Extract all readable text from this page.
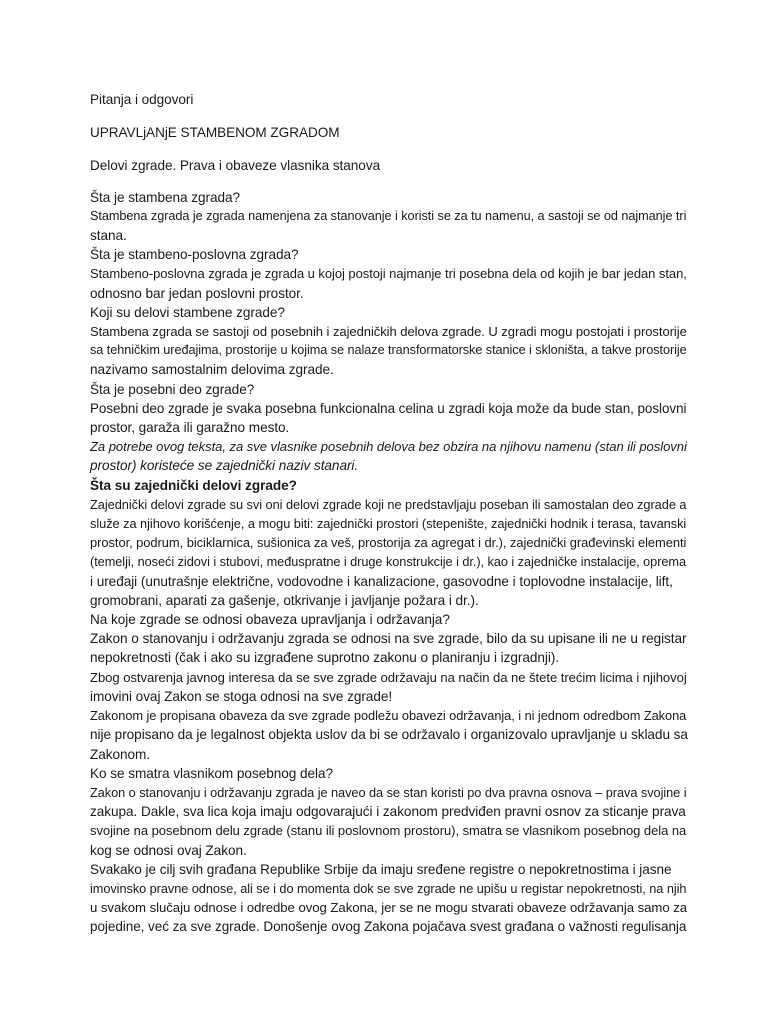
Pitanja i odgovori
UPRAVLjANjE STAMBENOM ZGRADOM
Delovi zgrade. Prava i obaveze vlasnika stanova
Šta je stambena zgrada?
Stambena zgrada je zgrada namenjena za stanovanje i koristi se za tu namenu, a sastoji se od najmanje tri
stana.
Šta je stambeno-poslovna zgrada?
Stambeno-poslovna zgrada je zgrada u kojoj postoji najmanje tri posebna dela od kojih je bar jedan stan,
odnosno bar jedan poslovni prostor.
Koji su delovi stambene zgrade?
Stambena zgrada se sastoji od posebnih i zajedničkih delova zgrade. U zgradi mogu postojati i prostorije
sa tehničkim uređajima, prostorije u kojima se nalaze transformatorske stanice i skloništa, a takve prostorije
nazivamo samostalnim delovima zgrade.
Šta je posebni deo zgrade?
Posebni deo zgrade je svaka posebna funkcionalna celina u zgradi koja može da bude stan, poslovni
prostor, garaža ili garažno mesto.
Za potrebe ovog teksta, za sve vlasnike posebnih delova bez obzira na njihovu namenu (stan ili poslovni
prostor) koristeće se zajednički naziv stanari.
Šta su zajednički delovi zgrade?
Zajednički delovi zgrade su svi oni delovi zgrade koji ne predstavljaju poseban ili samostalan deo zgrade a
služe za njihovo korišćenje, a mogu biti: zajednički prostori (stepenište, zajednički hodnik i terasa, tavanski
prostor, podrum, biciklarnica, sušionica za veš, prostorija za agregat i dr.), zajednički građevinski elementi
(temelji, noseći zidovi i stubovi, međuspratne i druge konstrukcije i dr.), kao i zajedničke instalacije, oprema
i uređaji (unutrašnje električne, vodovodne i kanalizacione, gasovodne i toplovodne instalacije, lift,
gromobrani, aparati za gašenje, otkrivanje i javljanje požara i dr.).
Na koje zgrade se odnosi obaveza upravljanja i održavanja?
Zakon o stanovanju i održavanju zgrada se odnosi na sve zgrade, bilo da su upisane ili ne u registar
nepokretnosti (čak i ako su izgrađene suprotno zakonu o planiranju i izgradnji).
Zbog ostvarenja javnog interesa da se sve zgrade održavaju na način da ne štete trećim licima i njihovoj
imovini ovaj Zakon se stoga odnosi na sve zgrade!
Zakonom je propisana obaveza da sve zgrade podležu obavezi održavanja, i ni jednom odredbom Zakona
nije propisano da je legalnost objekta uslov da bi se održavalo i organizovalo upravljanje u skladu sa
Zakonom.
Ko se smatra vlasnikom posebnog dela?
Zakon o stanovanju i održavanju zgrada je naveo da se stan koristi po dva pravna osnova – prava svojine i
zakupa. Dakle, sva lica koja imaju odgovarajući i zakonom predviđen pravni osnov za sticanje prava
svojine na posebnom delu zgrade (stanu ili poslovnom prostoru), smatra se vlasnikom posebnog dela na
kog se odnosi ovaj Zakon.
Svakako je cilj svih građana Republike Srbije da imaju sređene registre o nepokretnostima i jasne
imovinsko pravne odnose, ali se i do momenta dok se sve zgrade ne upišu u registar nepokretnosti, na njih
u svakom slučaju odnose i odredbe ovog Zakona, jer se ne mogu stvarati obaveze održavanja samo za
pojedine, već za sve zgrade. Donošenje ovog Zakona pojačava svest građana o važnosti regulisanja
